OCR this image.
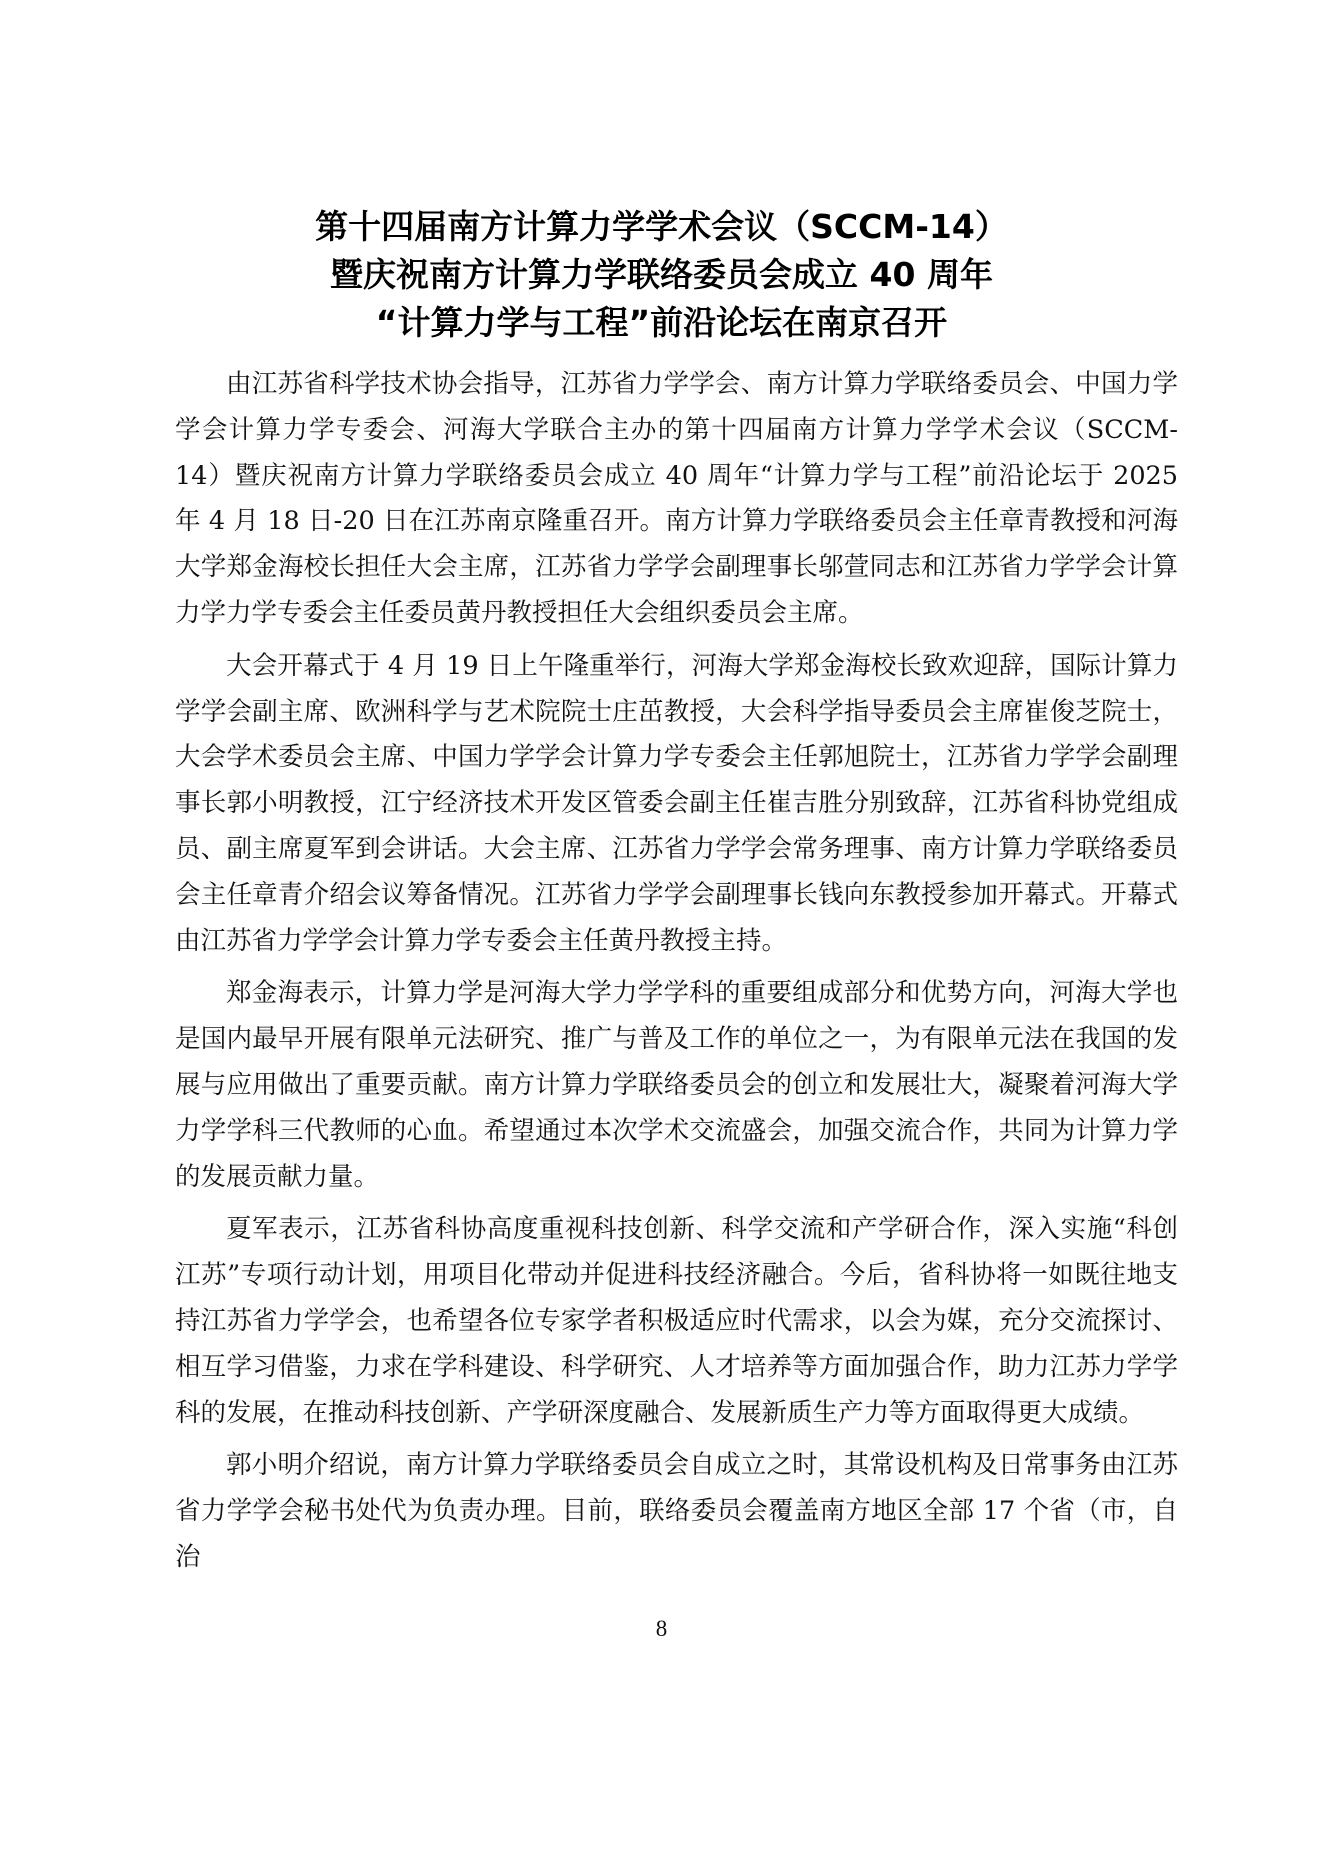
第十四届南方计算力学学术会议（SCCM-14）
暨庆祝南方计算力学联络委员会成立 40 周年
“计算力学与工程”前沿论坛在南京召开

由江苏省科学技术协会指导，江苏省力学学会、南方计算力学联络委员会、中国力学学会计算力学专委会、河海大学联合主办的第十四届南方计算力学学术会议（SCCM-14）暨庆祝南方计算力学联络委员会成立 40 周年“计算力学与工程”前沿论坛于 2025 年 4 月 18 日-20 日在江苏南京隆重召开。南方计算力学联络委员会主任章青教授和河海大学郑金海校长担任大会主席，江苏省力学学会副理事长邬萱同志和江苏省力学学会计算力学力学专委会主任委员黄丹教授担任大会组织委员会主席。

大会开幕式于 4 月 19 日上午隆重举行，河海大学郑金海校长致欢迎辞，国际计算力学学会副主席、欧洲科学与艺术院院士庄茁教授，大会科学指导委员会主席崔俊芝院士，大会学术委员会主席、中国力学学会计算力学专委会主任郭旭院士，江苏省力学学会副理事长郭小明教授，江宁经济技术开发区管委会副主任崔吉胜分别致辞，江苏省科协党组成员、副主席夏军到会讲话。大会主席、江苏省力学学会常务理事、南方计算力学联络委员会主任章青介绍会议筹备情况。江苏省力学学会副理事长钱向东教授参加开幕式。开幕式由江苏省力学学会计算力学专委会主任黄丹教授主持。

郑金海表示，计算力学是河海大学力学学科的重要组成部分和优势方向，河海大学也是国内最早开展有限单元法研究、推广与普及工作的单位之一，为有限单元法在我国的发展与应用做出了重要贡献。南方计算力学联络委员会的创立和发展壮大，凝聚着河海大学力学学科三代教师的心血。希望通过本次学术交流盛会，加强交流合作，共同为计算力学的发展贡献力量。

夏军表示，江苏省科协高度重视科技创新、科学交流和产学研合作，深入实施“科创江苏”专项行动计划，用项目化带动并促进科技经济融合。今后，省科协将一如既往地支持江苏省力学学会，也希望各位专家学者积极适应时代需求，以会为媒，充分交流探讨、相互学习借鉴，力求在学科建设、科学研究、人才培养等方面加强合作，助力江苏力学学科的发展，在推动科技创新、产学研深度融合、发展新质生产力等方面取得更大成绩。

郭小明介绍说，南方计算力学联络委员会自成立之时，其常设机构及日常事务由江苏省力学学会秘书处代为负责办理。目前，联络委员会覆盖南方地区全部 17 个省（市，自治

8
